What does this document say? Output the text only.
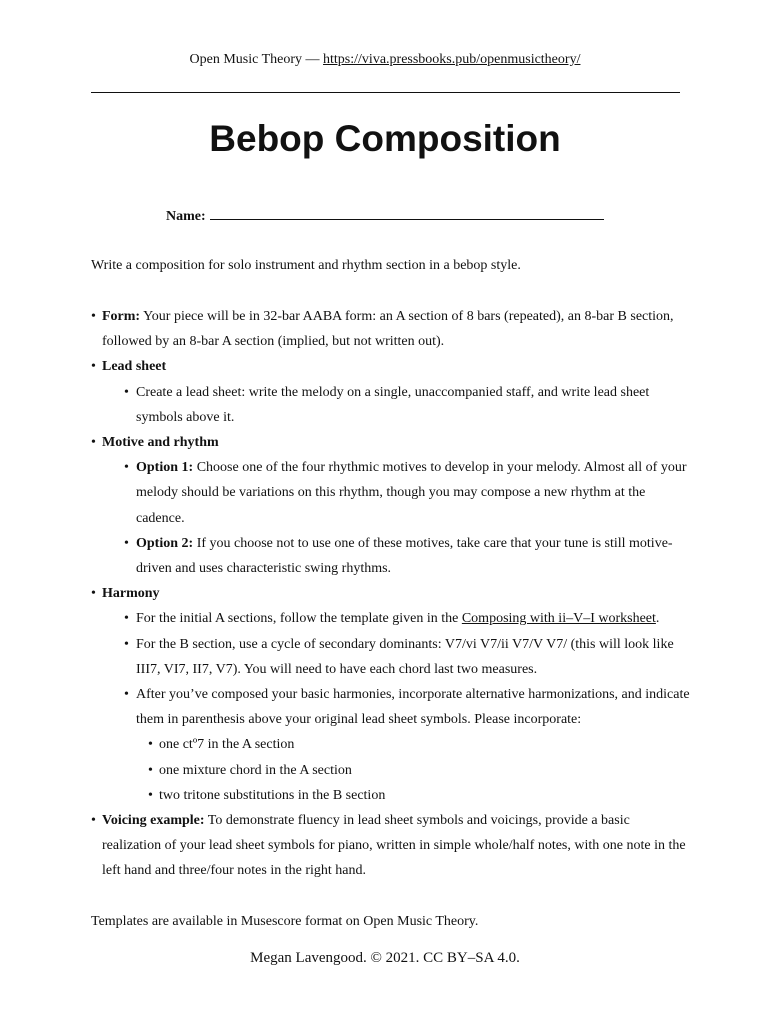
Open Music Theory — https://viva.pressbooks.pub/openmusictheory/
Bebop Composition
Name:
Write a composition for solo instrument and rhythm section in a bebop style.
• Form: Your piece will be in 32-bar AABA form: an A section of 8 bars (repeated), an 8-bar B section, followed by an 8-bar A section (implied, but not written out).
• Lead sheet
• Create a lead sheet: write the melody on a single, unaccompanied staff, and write lead sheet symbols above it.
• Motive and rhythm
• Option 1: Choose one of the four rhythmic motives to develop in your melody. Almost all of your melody should be variations on this rhythm, though you may compose a new rhythm at the cadence.
• Option 2: If you choose not to use one of these motives, take care that your tune is still motive-driven and uses characteristic swing rhythms.
• Harmony
• For the initial A sections, follow the template given in the Composing with ii–V–I worksheet.
• For the B section, use a cycle of secondary dominants: V7/vi V7/ii V7/V V7/ (this will look like III7, VI7, II7, V7). You will need to have each chord last two measures.
• After you’ve composed your basic harmonies, incorporate alternative harmonizations, and indicate them in parenthesis above your original lead sheet symbols. Please incorporate:
• one ctº7 in the A section
• one mixture chord in the A section
• two tritone substitutions in the B section
• Voicing example: To demonstrate fluency in lead sheet symbols and voicings, provide a basic realization of your lead sheet symbols for piano, written in simple whole/half notes, with one note in the left hand and three/four notes in the right hand.
Templates are available in Musescore format on Open Music Theory.
Megan Lavengood. © 2021. CC BY–SA 4.0.
